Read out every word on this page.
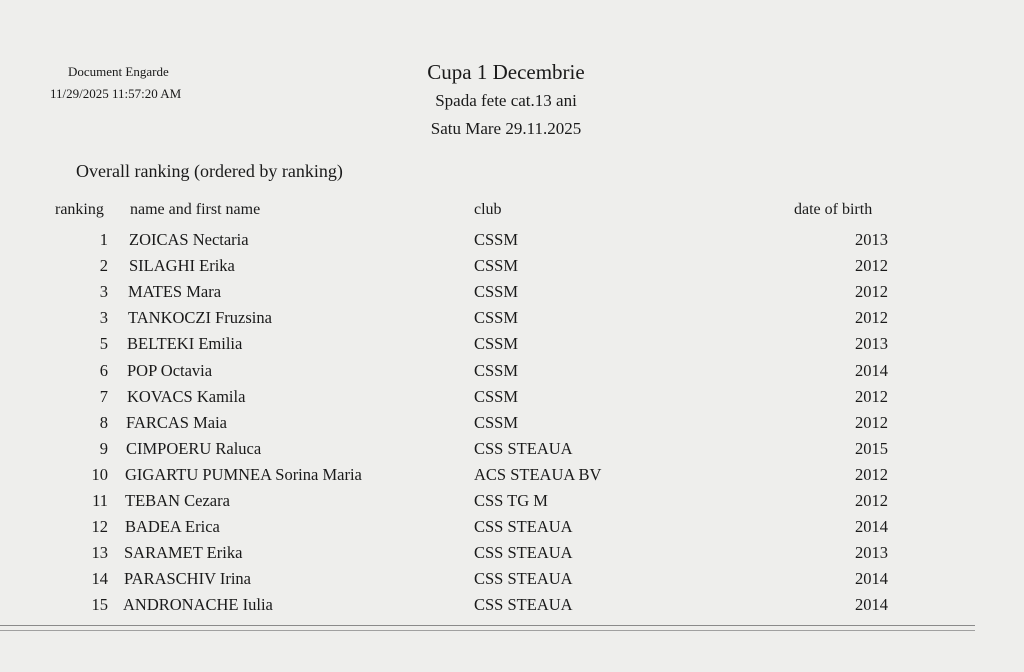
Document Engarde
11/29/2025 11:57:20 AM
Cupa 1 Decembrie
Spada fete cat.13 ani
Satu Mare 29.11.2025
Overall ranking (ordered by ranking)
ranking name and first name	club	date of birth
1 ZOICAS Nectaria	CSSM	2013
2 SILAGHI Erika	CSSM	2012
3 MATES Mara	CSSM	2012
3 TANKOCZI Fruzsina	CSSM	2012
5 BELTEKI Emilia	CSSM	2013
6 POP Octavia	CSSM	2014
7 KOVACS Kamila	CSSM	2012
8 FARCAS Maia	CSSM	2012
9 CIMPOERU Raluca	CSS STEAUA	2015
10 GIGARTU PUMNEA Sorina Maria	ACS STEAUA BV	2012
11 TEBAN Cezara	CSS TG M	2012
12 BADEA Erica	CSS STEAUA	2014
13 SARAMET Erika	CSS STEAUA	2013
14 PARASCHIV Irina	CSS STEAUA	2014
15 ANDRONACHE Iulia	CSS STEAUA	2014
